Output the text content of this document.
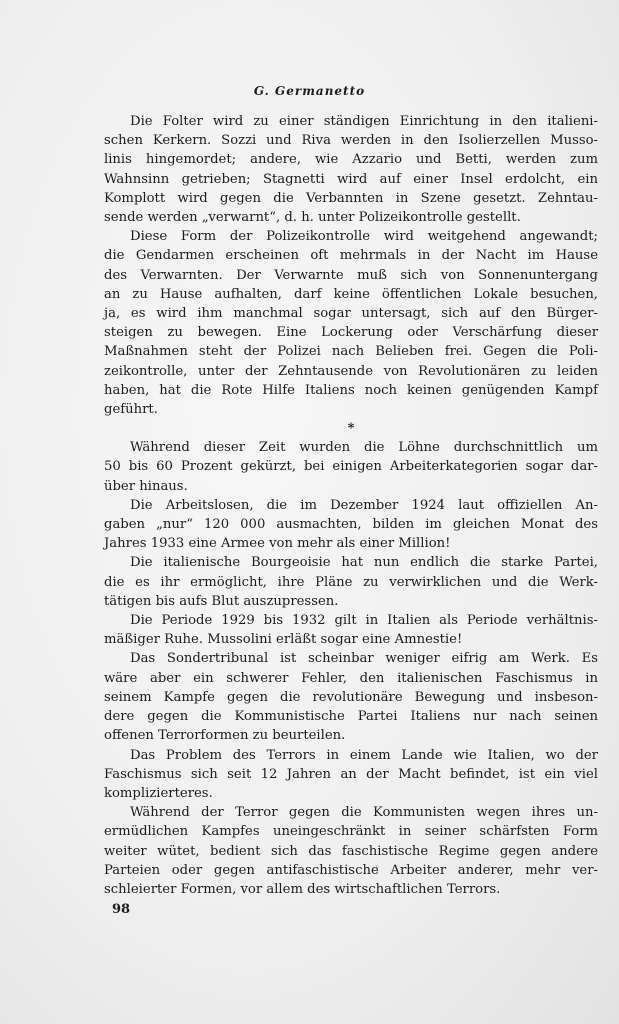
G. Germanetto
Die Folter wird zu einer ständigen Einrichtung in den italieni-
schen Kerkern. Sozzi und Riva werden in den Isolierzellen Musso-
linis hingemordet; andere, wie Azzario und Betti, werden zum
Wahnsinn getrieben; Stagnetti wird auf einer Insel erdolcht, ein
Komplott wird gegen die Verbannten in Szene gesetzt. Zehntau-
sende werden „verwarnt“, d. h. unter Polizeikontrolle gestellt.
Diese Form der Polizeikontrolle wird weitgehend angewandt;
die Gendarmen erscheinen oft mehrmals in der Nacht im Hause
des Verwarnten. Der Verwarnte muß sich von Sonnenuntergang
an zu Hause aufhalten, darf keine öffentlichen Lokale besuchen,
ja, es wird ihm manchmal sogar untersagt, sich auf den Bürger-
steigen zu bewegen. Eine Lockerung oder Verschärfung dieser
Maßnahmen steht der Polizei nach Belieben frei. Gegen die Poli-
zeikontrolle, unter der Zehntausende von Revolutionären zu leiden
haben, hat die Rote Hilfe Italiens noch keinen genügenden Kampf
geführt.
*
Während dieser Zeit wurden die Löhne durchschnittlich um
50 bis 60 Prozent gekürzt, bei einigen Arbeiterkategorien sogar dar-
über hinaus.
Die Arbeitslosen, die im Dezember 1924 laut offiziellen An-
gaben „nur“ 120 000 ausmachten, bilden im gleichen Monat des
Jahres 1933 eine Armee von mehr als einer Million!
Die italienische Bourgeoisie hat nun endlich die starke Partei,
die es ihr ermöglicht, ihre Pläne zu verwirklichen und die Werk-
tätigen bis aufs Blut auszupressen.
Die Periode 1929 bis 1932 gilt in Italien als Periode verhältnis-
mäßiger Ruhe. Mussolini erläßt sogar eine Amnestie!
Das Sondertribunal ist scheinbar weniger eifrig am Werk. Es
wäre aber ein schwerer Fehler, den italienischen Faschismus in
seinem Kampfe gegen die revolutionäre Bewegung und insbeson-
dere gegen die Kommunistische Partei Italiens nur nach seinen
offenen Terrorformen zu beurteilen.
Das Problem des Terrors in einem Lande wie Italien, wo der
Faschismus sich seit 12 Jahren an der Macht befindet, ist ein viel
komplizierteres.
Während der Terror gegen die Kommunisten wegen ihres un-
ermüdlichen Kampfes uneingeschränkt in seiner schärfsten Form
weiter wütet, bedient sich das faschistische Regime gegen andere
Parteien oder gegen antifaschistische Arbeiter anderer, mehr ver-
schleierter Formen, vor allem des wirtschaftlichen Terrors.
98
